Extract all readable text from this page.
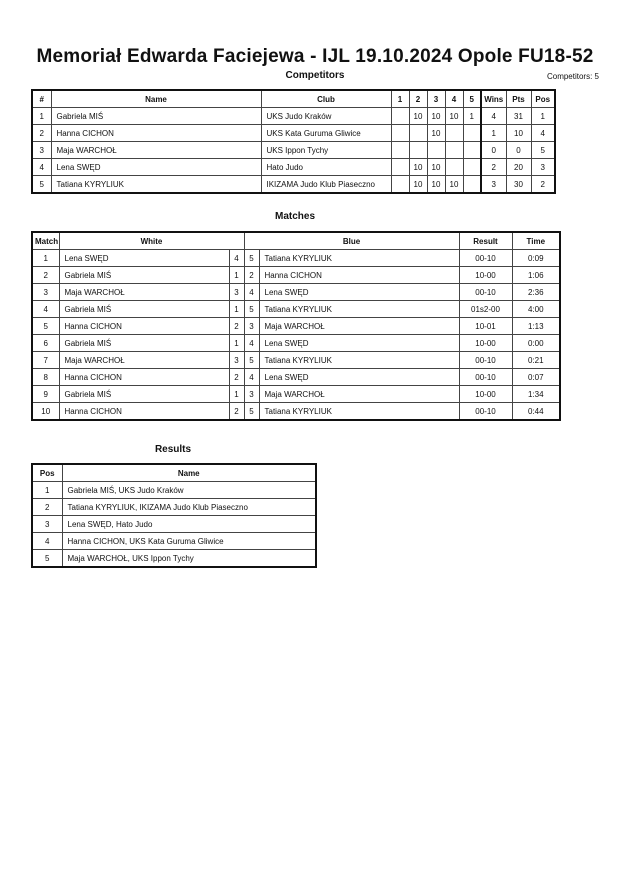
Memoriał Edwarda Faciejewa - IJL 19.10.2024 Opole FU18-52
Competitors	Competitors: 5
#	Name	Club	1	2	3	4	5	Wins	Pts	Pos
1	Gabriela MIŚ	UKS Judo Kraków		10	10	10	1	4	31	1
2	Hanna CICHON	UKS Kata Guruma Gliwice			10			1	10	4
3	Maja WARCHOŁ	UKS Ippon Tychy						0	0	5
4	Lena SWĘD	Hato Judo		10	10			2	20	3
5	Tatiana KYRYLIUK	IKIZAMA Judo Klub Piaseczno		10	10	10		3	30	2
Matches
Match	White		Blue		Result	Time
1	Lena SWĘD	4	5	Tatiana KYRYLIUK	00-10	0:09
2	Gabriela MIŚ	1	2	Hanna CICHON	10-00	1:06
3	Maja WARCHOŁ	3	4	Lena SWĘD	00-10	2:36
4	Gabriela MIŚ	1	5	Tatiana KYRYLIUK	01s2-00	4:00
5	Hanna CICHON	2	3	Maja WARCHOŁ	10-01	1:13
6	Gabriela MIŚ	1	4	Lena SWĘD	10-00	0:00
7	Maja WARCHOŁ	3	5	Tatiana KYRYLIUK	00-10	0:21
8	Hanna CICHON	2	4	Lena SWĘD	00-10	0:07
9	Gabriela MIŚ	1	3	Maja WARCHOŁ	10-00	1:34
10	Hanna CICHON	2	5	Tatiana KYRYLIUK	00-10	0:44
Results
Pos	Name
1	Gabriela MIŚ, UKS Judo Kraków
2	Tatiana KYRYLIUK, IKIZAMA Judo Klub Piaseczno
3	Lena SWĘD, Hato Judo
4	Hanna CICHON, UKS Kata Guruma Gliwice
5	Maja WARCHOŁ, UKS Ippon Tychy
